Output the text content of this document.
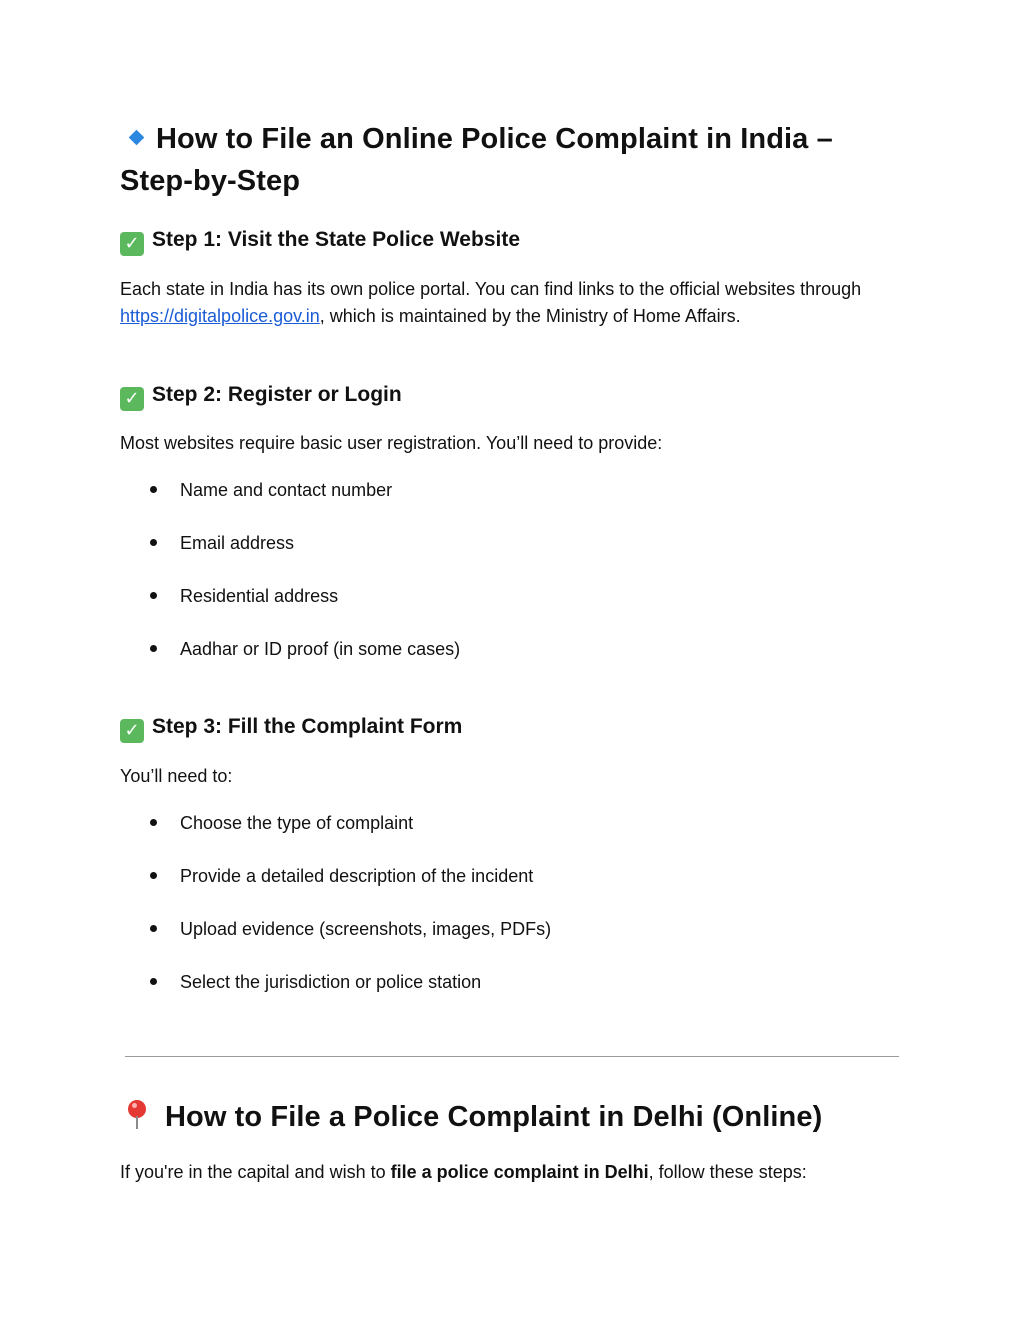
How to File an Online Police Complaint in India – Step-by-Step
✓ Step 1: Visit the State Police Website
Each state in India has its own police portal. You can find links to the official websites through https://digitalpolice.gov.in, which is maintained by the Ministry of Home Affairs.
✓ Step 2: Register or Login
Most websites require basic user registration. You’ll need to provide:
Name and contact number
Email address
Residential address
Aadhar or ID proof (in some cases)
✓ Step 3: Fill the Complaint Form
You’ll need to:
Choose the type of complaint
Provide a detailed description of the incident
Upload evidence (screenshots, images, PDFs)
Select the jurisdiction or police station
How to File a Police Complaint in Delhi (Online)
If you're in the capital and wish to file a police complaint in Delhi, follow these steps:
